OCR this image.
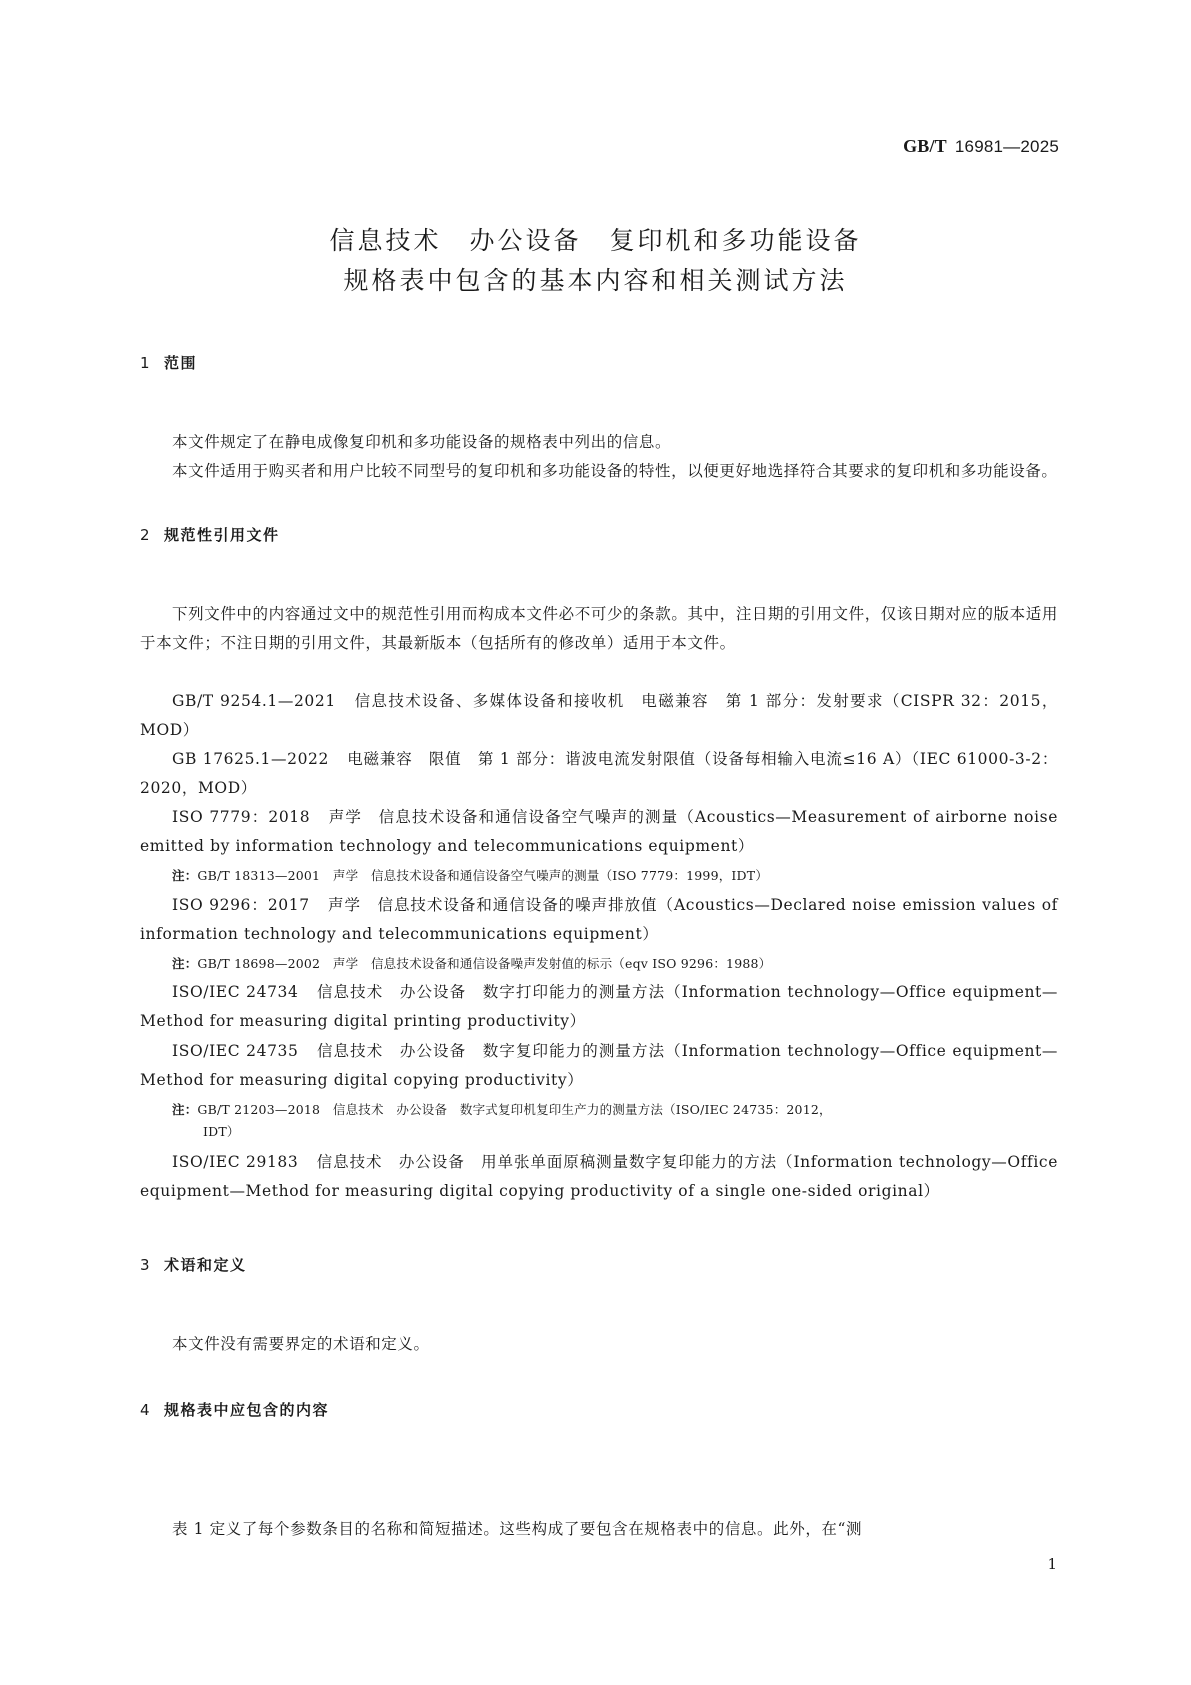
GB/T 16981—2025
信息技术　办公设备　复印机和多功能设备
规格表中包含的基本内容和相关测试方法
1 范围
本文件规定了在静电成像复印机和多功能设备的规格表中列出的信息。
本文件适用于购买者和用户比较不同型号的复印机和多功能设备的特性，以便更好地选择符合其要求的复印机和多功能设备。
2 规范性引用文件
下列文件中的内容通过文中的规范性引用而构成本文件必不可少的条款。其中，注日期的引用文件，仅该日期对应的版本适用于本文件；不注日期的引用文件，其最新版本（包括所有的修改单）适用于本文件。
GB/T 9254.1—2021 信息技术设备、多媒体设备和接收机　电磁兼容　第 1 部分：发射要求（CISPR 32：2015，MOD）
GB 17625.1—2022 电磁兼容　限值　第 1 部分：谐波电流发射限值（设备每相输入电流≤16 A）（IEC 61000-3-2：2020，MOD）
ISO 7779：2018 声学　信息技术设备和通信设备空气噪声的测量（Acoustics—Measurement of airborne noise emitted by information technology and telecommunications equipment）
注：GB/T 18313—2001　声学　信息技术设备和通信设备空气噪声的测量（ISO 7779：1999，IDT）
ISO 9296：2017 声学　信息技术设备和通信设备的噪声排放值（Acoustics—Declared noise emission values of information technology and telecommunications equipment）
注：GB/T 18698—2002　声学　信息技术设备和通信设备噪声发射值的标示（eqv ISO 9296：1988）
ISO/IEC 24734 信息技术　办公设备　数字打印能力的测量方法（Information technology—Office equipment—Method for measuring digital printing productivity）
ISO/IEC 24735 信息技术　办公设备　数字复印能力的测量方法（Information technology—Office equipment—Method for measuring digital copying productivity）
注：GB/T 21203—2018　信息技术　办公设备　数字式复印机复印生产力的测量方法（ISO/IEC 24735：2012，
IDT）
ISO/IEC 29183 信息技术　办公设备　用单张单面原稿测量数字复印能力的方法（Information technology—Office equipment—Method for measuring digital copying productivity of a single one-sided original）
3 术语和定义
本文件没有需要界定的术语和定义。
4 规格表中应包含的内容
表 1 定义了每个参数条目的名称和简短描述。这些构成了要包含在规格表中的信息。此外，在“测
1
